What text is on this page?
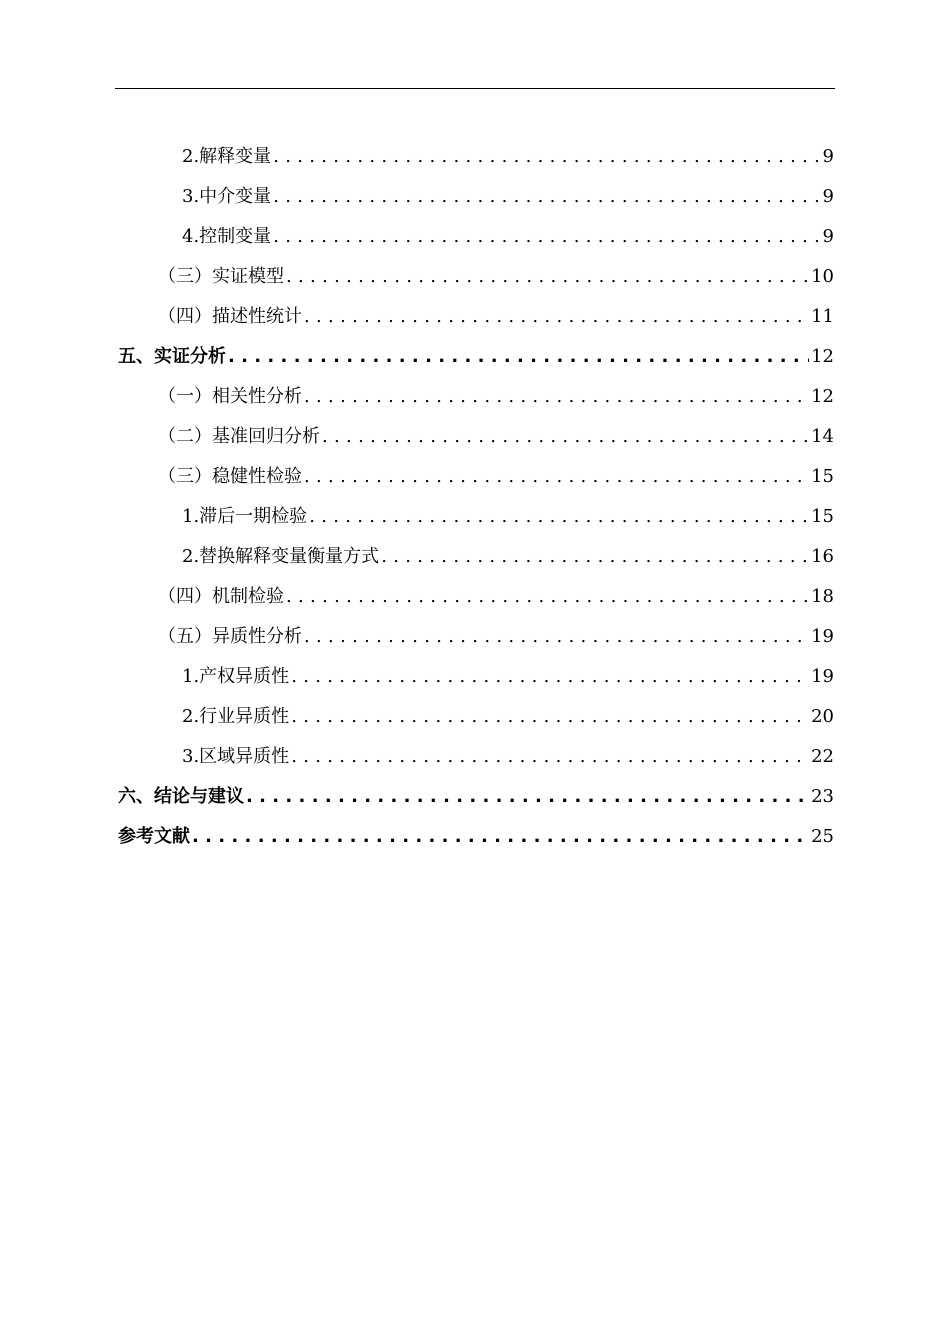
2.解释变量 .....	9
3.中介变量 .....	9
4.控制变量 .....	9
（三）实证模型 .....	10
（四）描述性统计 .....	11
五、实证分析 .....	12
（一）相关性分析 .....	12
（二）基准回归分析 .....	14
（三）稳健性检验 .....	15
1.滞后一期检验 .....	15
2.替换解释变量衡量方式 .....	16
（四）机制检验 .....	18
（五）异质性分析 .....	19
1.产权异质性 .....	19
2.行业异质性 .....	20
3.区域异质性 .....	22
六、结论与建议 .....	23
参考文献 .....	25
